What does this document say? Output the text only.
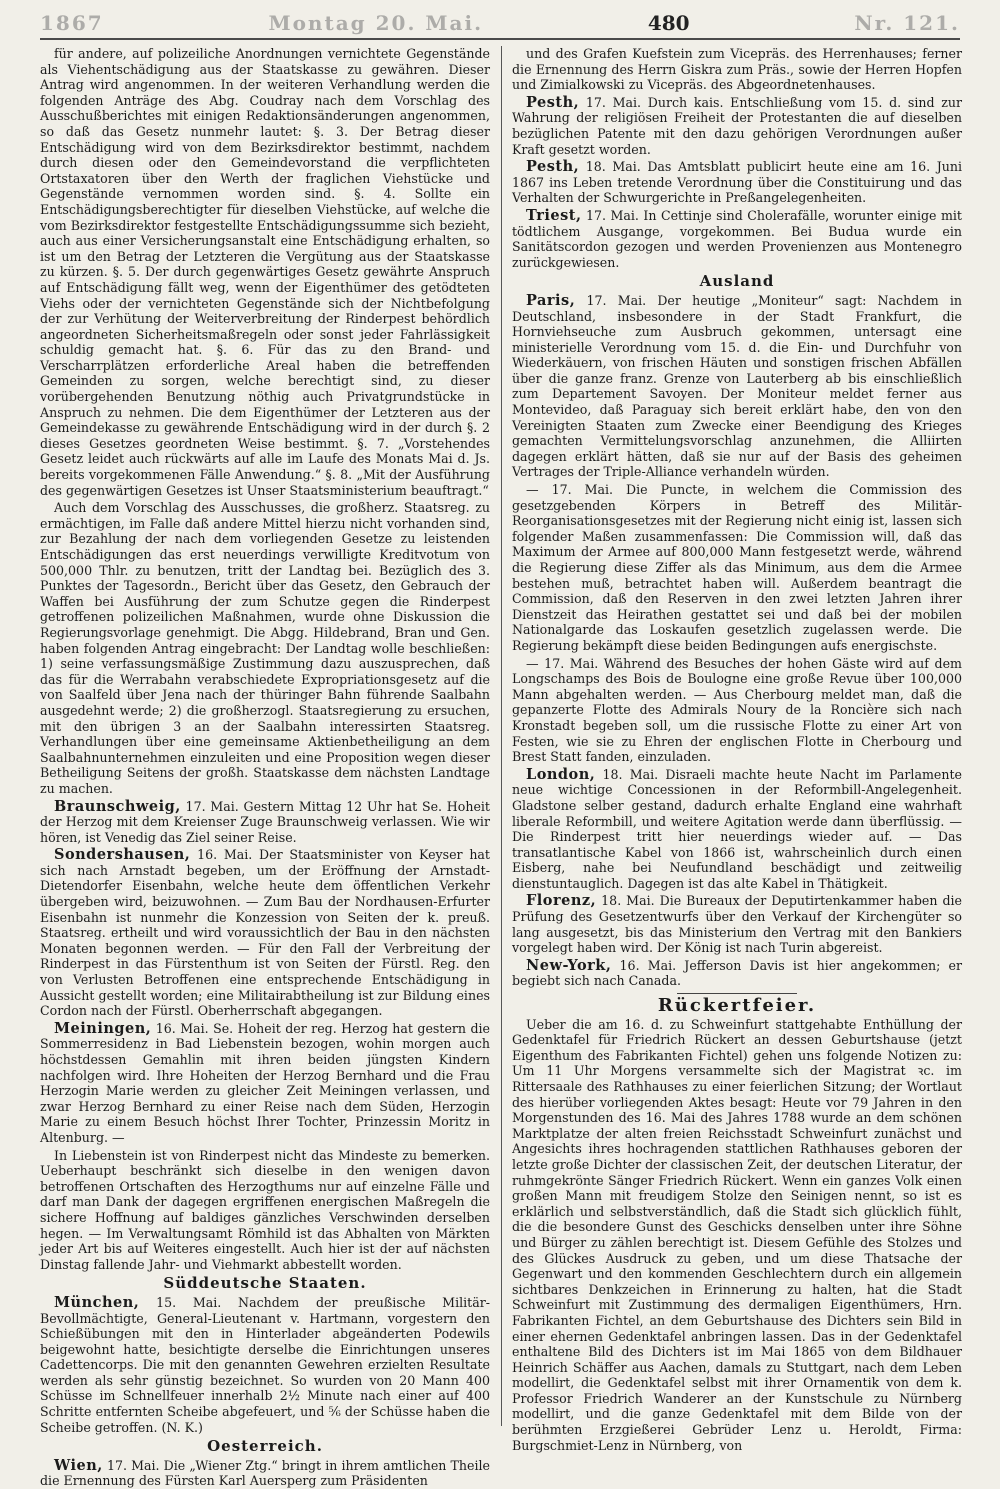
1867	Montag 20. Mai.	480	Nr. 121.

für andere, auf polizeiliche Anordnungen vernichtete Gegenstände als Viehentschädigung aus der Staatskasse zu gewähren. Dieser Antrag wird angenommen. In der weiteren Verhandlung werden die folgenden Anträge des Abg. Coudray nach dem Vorschlag des Ausschußberichtes mit einigen Redaktionsänderungen angenommen, so daß das Gesetz nunmehr lautet: §. 3. Der Betrag dieser Entschädigung wird von dem Bezirksdirektor bestimmt, nachdem durch diesen oder den Gemeindevorstand die verpflichteten Ortstaxatoren über den Werth der fraglichen Viehstücke und Gegenstände vernommen worden sind. §. 4. Sollte ein Entschädigungsberechtigter für dieselben Viehstücke, auf welche die vom Bezirksdirektor festgestellte Entschädigungssumme sich bezieht, auch aus einer Versicherungsanstalt eine Entschädigung erhalten, so ist um den Betrag der Letzteren die Vergütung aus der Staatskasse zu kürzen. §. 5. Der durch gegenwärtiges Gesetz gewährte Anspruch auf Entschädigung fällt weg, wenn der Eigenthümer des getödteten Viehs oder der vernichteten Gegenstände sich der Nichtbefolgung der zur Verhütung der Weiterverbreitung der Rinderpest behördlich angeordneten Sicherheitsmaßregeln oder sonst jeder Fahrlässigkeit schuldig gemacht hat. §. 6. Für das zu den Brand- und Verscharrplätzen erforderliche Areal haben die betreffenden Gemeinden zu sorgen, welche berechtigt sind, zu dieser vorübergehenden Benutzung nöthig auch Privatgrundstücke in Anspruch zu nehmen. Die dem Eigenthümer der Letzteren aus der Gemeindekasse zu gewährende Entschädigung wird in der durch §. 2 dieses Gesetzes geordneten Weise bestimmt. §. 7. „Vorstehendes Gesetz leidet auch rückwärts auf alle im Laufe des Monats Mai d. Js. bereits vorgekommenen Fälle Anwendung.“ §. 8. „Mit der Ausführung des gegenwärtigen Gesetzes ist Unser Staatsministerium beauftragt.“

Auch dem Vorschlag des Ausschusses, die großherz. Staatsreg. zu ermächtigen, im Falle daß andere Mittel hierzu nicht vorhanden sind, zur Bezahlung der nach dem vorliegenden Gesetze zu leistenden Entschädigungen das erst neuerdings verwilligte Kreditvotum von 500,000 Thlr. zu benutzen, tritt der Landtag bei. Bezüglich des 3. Punktes der Tagesordn., Bericht über das Gesetz, den Gebrauch der Waffen bei Ausführung der zum Schutze gegen die Rinderpest getroffenen polizeilichen Maßnahmen, wurde ohne Diskussion die Regierungsvorlage genehmigt. Die Abgg. Hildebrand, Bran und Gen. haben folgenden Antrag eingebracht: Der Landtag wolle beschließen: 1) seine verfassungsmäßige Zustimmung dazu auszusprechen, daß das für die Werrabahn verabschiedete Expropriationsgesetz auf die von Saalfeld über Jena nach der thüringer Bahn führende Saalbahn ausgedehnt werde; 2) die großherzogl. Staatsregierung zu ersuchen, mit den übrigen 3 an der Saalbahn interessirten Staatsreg. Verhandlungen über eine gemeinsame Aktienbetheiligung an dem Saalbahnunternehmen einzuleiten und eine Proposition wegen dieser Betheiligung Seitens der großh. Staatskasse dem nächsten Landtage zu machen.

Braunschweig, 17. Mai. Gestern Mittag 12 Uhr hat Se. Hoheit der Herzog mit dem Kreienser Zuge Braunschweig verlassen. Wie wir hören, ist Venedig das Ziel seiner Reise.

Sondershausen, 16. Mai. Der Staatsminister von Keyser hat sich nach Arnstadt begeben, um der Eröffnung der Arnstadt-Dietendorfer Eisenbahn, welche heute dem öffentlichen Verkehr übergeben wird, beizuwohnen. — Zum Bau der Nordhausen-Erfurter Eisenbahn ist nunmehr die Konzession von Seiten der k. preuß. Staatsreg. ertheilt und wird voraussichtlich der Bau in den nächsten Monaten begonnen werden. — Für den Fall der Verbreitung der Rinderpest in das Fürstenthum ist von Seiten der Fürstl. Reg. den von Verlusten Betroffenen eine entsprechende Entschädigung in Aussicht gestellt worden; eine Militairabtheilung ist zur Bildung eines Cordon nach der Fürstl. Oberherrschaft abgegangen.

Meiningen, 16. Mai. Se. Hoheit der reg. Herzog hat gestern die Sommerresidenz in Bad Liebenstein bezogen, wohin morgen auch höchstdessen Gemahlin mit ihren beiden jüngsten Kindern nachfolgen wird. Ihre Hoheiten der Herzog Bernhard und die Frau Herzogin Marie werden zu gleicher Zeit Meiningen verlassen, und zwar Herzog Bernhard zu einer Reise nach dem Süden, Herzogin Marie zu einem Besuch höchst Ihrer Tochter, Prinzessin Moritz in Altenburg. —

In Liebenstein ist von Rinderpest nicht das Mindeste zu bemerken. Ueberhaupt beschränkt sich dieselbe in den wenigen davon betroffenen Ortschaften des Herzogthums nur auf einzelne Fälle und darf man Dank der dagegen ergriffenen energischen Maßregeln die sichere Hoffnung auf baldiges gänzliches Verschwinden derselben hegen. — Im Verwaltungsamt Römhild ist das Abhalten von Märkten jeder Art bis auf Weiteres eingestellt. Auch hier ist der auf nächsten Dinstag fallende Jahr- und Viehmarkt abbestellt worden.

Süddeutsche Staaten.

München, 15. Mai. Nachdem der preußische Militär-Bevollmächtigte, General-Lieutenant v. Hartmann, vorgestern den Schießübungen mit den in Hinterlader abgeänderten Podewils beigewohnt hatte, besichtigte derselbe die Einrichtungen unseres Cadettencorps. Die mit den genannten Gewehren erzielten Resultate werden als sehr günstig bezeichnet. So wurden von 20 Mann 400 Schüsse im Schnellfeuer innerhalb 2½ Minute nach einer auf 400 Schritte entfernten Scheibe abgefeuert, und ⁵⁄₆ der Schüsse haben die Scheibe getroffen. (N. K.)

Oesterreich.

Wien, 17. Mai. Die „Wiener Ztg.“ bringt in ihrem amtlichen Theile die Ernennung des Fürsten Karl Auersperg zum Präsidenten

und des Grafen Kuefstein zum Vicepräs. des Herrenhauses; ferner die Ernennung des Herrn Giskra zum Präs., sowie der Herren Hopfen und Zimialkowski zu Vicepräs. des Abgeordnetenhauses.

Pesth, 17. Mai. Durch kais. Entschließung vom 15. d. sind zur Wahrung der religiösen Freiheit der Protestanten die auf dieselben bezüglichen Patente mit den dazu gehörigen Verordnungen außer Kraft gesetzt worden.

Pesth, 18. Mai. Das Amtsblatt publicirt heute eine am 16. Juni 1867 ins Leben tretende Verordnung über die Constituirung und das Verhalten der Schwurgerichte in Preßangelegenheiten.

Triest, 17. Mai. In Cettinje sind Cholerafälle, worunter einige mit tödtlichem Ausgange, vorgekommen. Bei Budua wurde ein Sanitätscordon gezogen und werden Provenienzen aus Montenegro zurückgewiesen.

Ausland

Paris, 17. Mai. Der heutige „Moniteur“ sagt: Nachdem in Deutschland, insbesondere in der Stadt Frankfurt, die Hornviehseuche zum Ausbruch gekommen, untersagt eine ministerielle Verordnung vom 15. d. die Ein- und Durchfuhr von Wiederkäuern, von frischen Häuten und sonstigen frischen Abfällen über die ganze franz. Grenze von Lauterberg ab bis einschließlich zum Departement Savoyen. Der Moniteur meldet ferner aus Montevideo, daß Paraguay sich bereit erklärt habe, den von den Vereinigten Staaten zum Zwecke einer Beendigung des Krieges gemachten Vermittelungsvorschlag anzunehmen, die Alliirten dagegen erklärt hätten, daß sie nur auf der Basis des geheimen Vertrages der Triple-Alliance verhandeln würden.

— 17. Mai. Die Puncte, in welchem die Commission des gesetzgebenden Körpers in Betreff des Militär-Reorganisationsgesetzes mit der Regierung nicht einig ist, lassen sich folgender Maßen zusammenfassen: Die Commission will, daß das Maximum der Armee auf 800,000 Mann festgesetzt werde, während die Regierung diese Ziffer als das Minimum, aus dem die Armee bestehen muß, betrachtet haben will. Außerdem beantragt die Commission, daß den Reserven in den zwei letzten Jahren ihrer Dienstzeit das Heirathen gestattet sei und daß bei der mobilen Nationalgarde das Loskaufen gesetzlich zugelassen werde. Die Regierung bekämpft diese beiden Bedingungen aufs energischste.

— 17. Mai. Während des Besuches der hohen Gäste wird auf dem Longschamps des Bois de Boulogne eine große Revue über 100,000 Mann abgehalten werden. — Aus Cherbourg meldet man, daß die gepanzerte Flotte des Admirals Noury de la Roncière sich nach Kronstadt begeben soll, um die russische Flotte zu einer Art von Festen, wie sie zu Ehren der englischen Flotte in Cherbourg und Brest Statt fanden, einzuladen.

London, 18. Mai. Disraeli machte heute Nacht im Parlamente neue wichtige Concessionen in der Reformbill-Angelegenheit. Gladstone selber gestand, dadurch erhalte England eine wahrhaft liberale Reformbill, und weitere Agitation werde dann überflüssig. — Die Rinderpest tritt hier neuerdings wieder auf. — Das transatlantische Kabel von 1866 ist, wahrscheinlich durch einen Eisberg, nahe bei Neufundland beschädigt und zeitweilig dienstuntauglich. Dagegen ist das alte Kabel in Thätigkeit.

Florenz, 18. Mai. Die Bureaux der Deputirtenkammer haben die Prüfung des Gesetzentwurfs über den Verkauf der Kirchengüter so lang ausgesetzt, bis das Ministerium den Vertrag mit den Bankiers vorgelegt haben wird. Der König ist nach Turin abgereist.

New-York, 16. Mai. Jefferson Davis ist hier angekommen; er begiebt sich nach Canada.

Rückertfeier.

Ueber die am 16. d. zu Schweinfurt stattgehabte Enthüllung der Gedenktafel für Friedrich Rückert an dessen Geburtshause (jetzt Eigenthum des Fabrikanten Fichtel) gehen uns folgende Notizen zu: Um 11 Uhr Morgens versammelte sich der Magistrat ꝛc. im Rittersaale des Rathhauses zu einer feierlichen Sitzung; der Wortlaut des hierüber vorliegenden Aktes besagt: Heute vor 79 Jahren in den Morgenstunden des 16. Mai des Jahres 1788 wurde an dem schönen Marktplatze der alten freien Reichsstadt Schweinfurt zunächst und Angesichts ihres hochragenden stattlichen Rathhauses geboren der letzte große Dichter der classischen Zeit, der deutschen Literatur, der ruhmgekrönte Sänger Friedrich Rückert. Wenn ein ganzes Volk einen großen Mann mit freudigem Stolze den Seinigen nennt, so ist es erklärlich und selbstverständlich, daß die Stadt sich glücklich fühlt, die die besondere Gunst des Geschicks denselben unter ihre Söhne und Bürger zu zählen berechtigt ist. Diesem Gefühle des Stolzes und des Glückes Ausdruck zu geben, und um diese Thatsache der Gegenwart und den kommenden Geschlechtern durch ein allgemein sichtbares Denkzeichen in Erinnerung zu halten, hat die Stadt Schweinfurt mit Zustimmung des dermaligen Eigenthümers, Hrn. Fabrikanten Fichtel, an dem Geburtshause des Dichters sein Bild in einer ehernen Gedenktafel anbringen lassen. Das in der Gedenktafel enthaltene Bild des Dichters ist im Mai 1865 von dem Bildhauer Heinrich Schäffer aus Aachen, damals zu Stuttgart, nach dem Leben modellirt, die Gedenktafel selbst mit ihrer Ornamentik von dem k. Professor Friedrich Wanderer an der Kunstschule zu Nürnberg modellirt, und die ganze Gedenktafel mit dem Bilde von der berühmten Erzgießerei Gebrüder Lenz u. Heroldt, Firma: Burgschmiet-Lenz in Nürnberg, von
